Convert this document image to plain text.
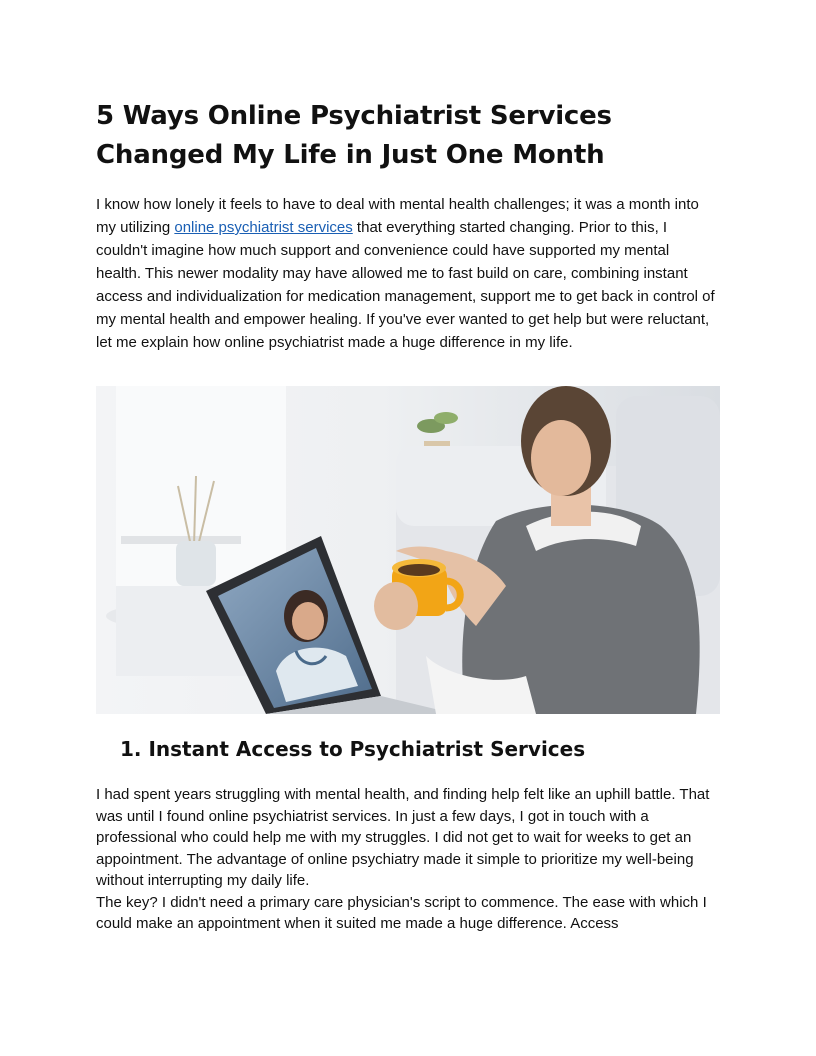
5 Ways Online Psychiatrist Services Changed My Life in Just One Month

I know how lonely it feels to have to deal with mental health challenges; it was a month into my utilizing online psychiatrist services that everything started changing. Prior to this, I couldn't imagine how much support and convenience could have supported my mental health. This newer modality may have allowed me to fast build on care, combining instant access and individualization for medication management, support me to get back in control of my mental health and empower healing. If you've ever wanted to get help but were reluctant, let me explain how online psychiatrist made a huge difference in my life.

1. Instant Access to Psychiatrist Services

I had spent years struggling with mental health, and finding help felt like an uphill battle. That was until I found online psychiatrist services. In just a few days, I got in touch with a professional who could help me with my struggles. I did not get to wait for weeks to get an appointment. The advantage of online psychiatry made it simple to prioritize my well-being without interrupting my daily life.

The key? I didn't need a primary care physician's script to commence. The ease with which I could make an appointment when it suited me made a huge difference. Access
